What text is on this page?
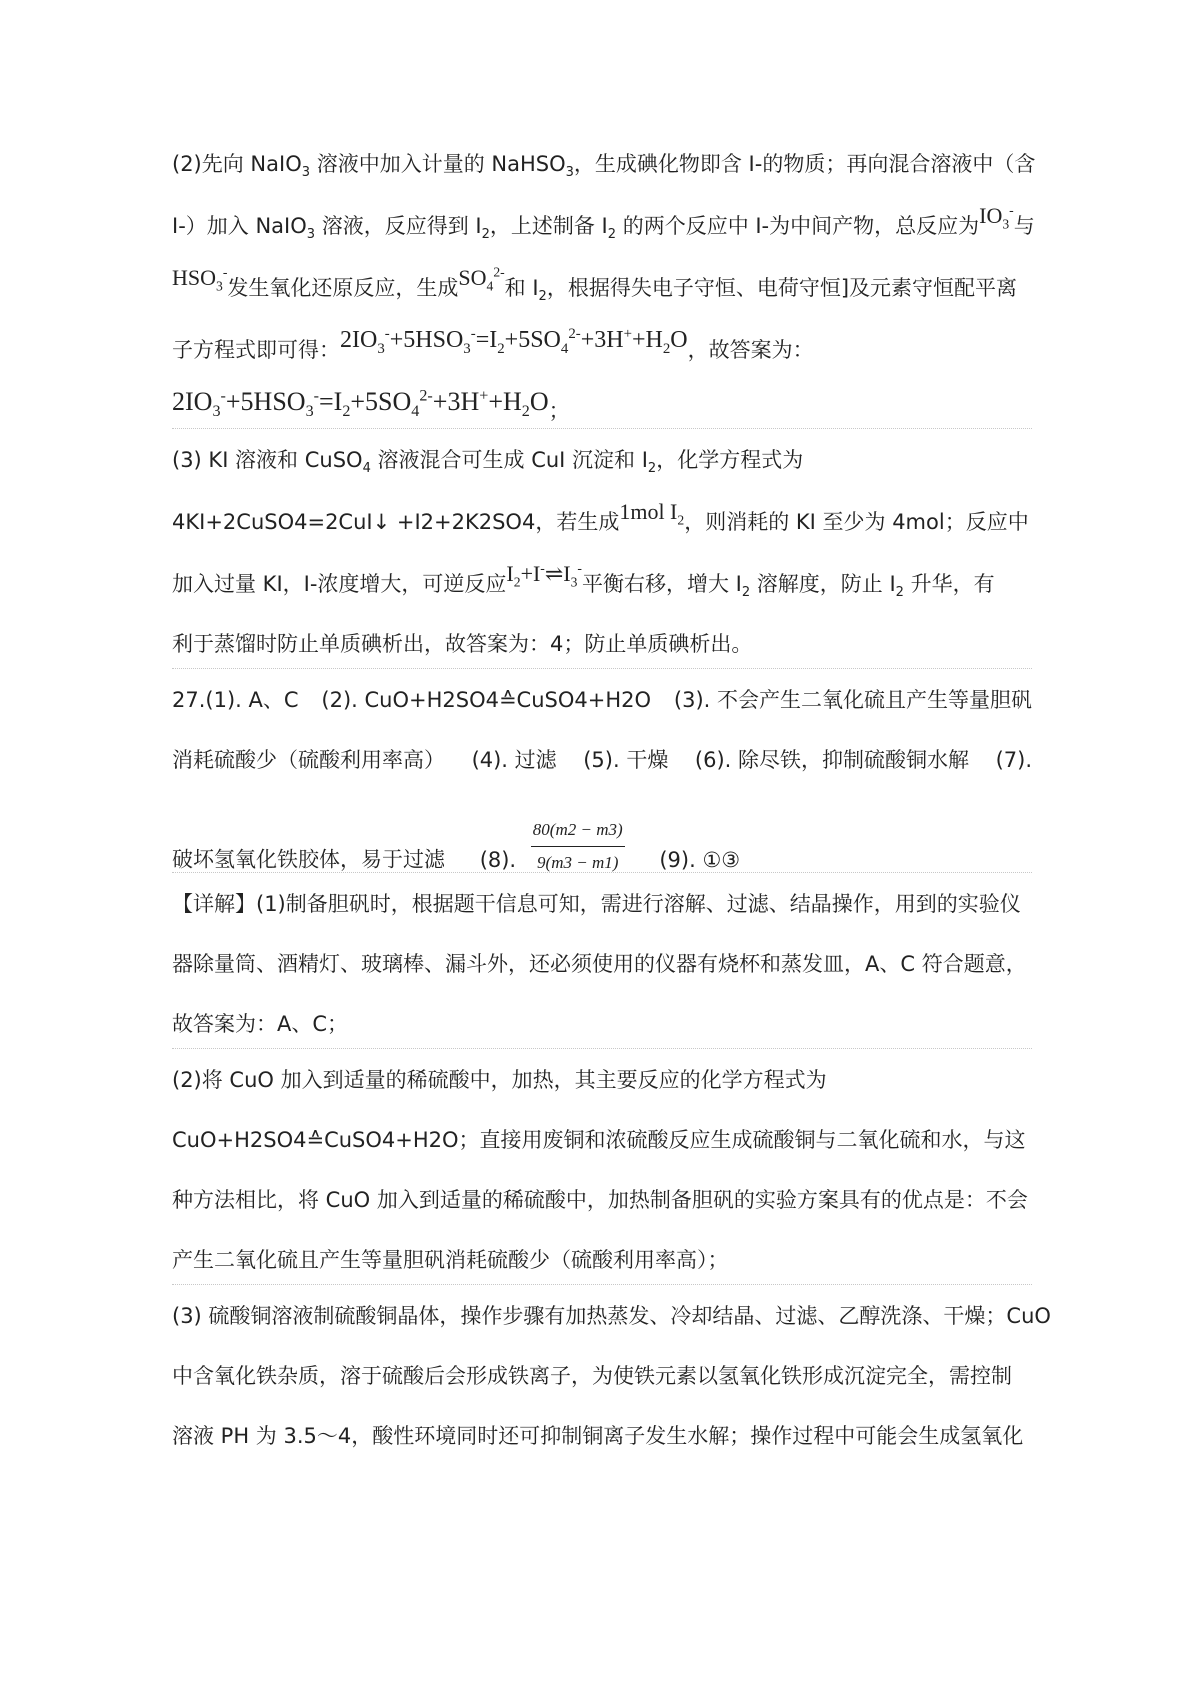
(2)先向 NaIO$_3$ 溶液中加入计量的 NaHSO$_3$，生成碘化物即含 I-的物质；再向混合溶液中（含
I-）加入 NaIO$_3$ 溶液，反应得到 $I_2$，上述制备 $I_2$ 的两个反应中 I-为中间产物，总反应为$IO_3^-$与
$HSO_3^-$发生氧化还原反应，生成$SO_4^{2-}$和 $I_2$，根据得失电子守恒、电荷守恒]及元素守恒配平离
子方程式即可得：$2IO_3^-+5HSO_3^-=I_2+5SO_4^{2-}+3H^++H_2O$，故答案为：
$2IO_3^-+5HSO_3^-=I_2+5SO_4^{2-}+3H^++H_2O$；
(3) KI 溶液和 CuSO$_4$ 溶液混合可生成 CuI 沉淀和 $I_2$，化学方程式为
4KI+2CuSO4=2CuI↓ +I2+2K2SO4，若生成1mol $I_2$，则消耗的 KI 至少为 4mol；反应中
加入过量 KI，I-浓度增大，可逆反应$I_2+I^-\rightleftharpoons I_3^-$平衡右移，增大 $I_2$ 溶解度，防止 $I_2$ 升华，有
利于蒸馏时防止单质碘析出，故答案为：4；防止单质碘析出。
27.(1). A、C (2). CuO+H2SO4≙CuSO4+H2O (3). 不会产生二氧化硫且产生等量胆矾
消耗硫酸少（硫酸利用率高） (4). 过滤 (5). 干燥 (6). 除尽铁，抑制硫酸铜水解 (7).
破坏氢氧化铁胶体，易于过滤 (8). $\frac{80(m2 - m3)}{9(m3 - m1)} (9)$. ①③
【详解】(1)制备胆矾时，根据题干信息可知，需进行溶解、过滤、结晶操作，用到的实验仪
器除量筒、酒精灯、玻璃棒、漏斗外，还必须使用的仪器有烧杯和蒸发皿，A、C 符合题意，
故答案为：A、C；
(2)将 CuO 加入到适量的稀硫酸中，加热，其主要反应的化学方程式为
CuO+H2SO4≙CuSO4+H2O；直接用废铜和浓硫酸反应生成硫酸铜与二氧化硫和水，与这
种方法相比，将 CuO 加入到适量的稀硫酸中，加热制备胆矾的实验方案具有的优点是：不会
产生二氧化硫且产生等量胆矾消耗硫酸少（硫酸利用率高）；
(3) 硫酸铜溶液制硫酸铜晶体，操作步骤有加热蒸发、冷却结晶、过滤、乙醇洗涤、干燥；CuO
中含氧化铁杂质，溶于硫酸后会形成铁离子，为使铁元素以氢氧化铁形成沉淀完全，需控制
溶液 PH 为 3.5～4，酸性环境同时还可抑制铜离子发生水解；操作过程中可能会生成氢氧化
